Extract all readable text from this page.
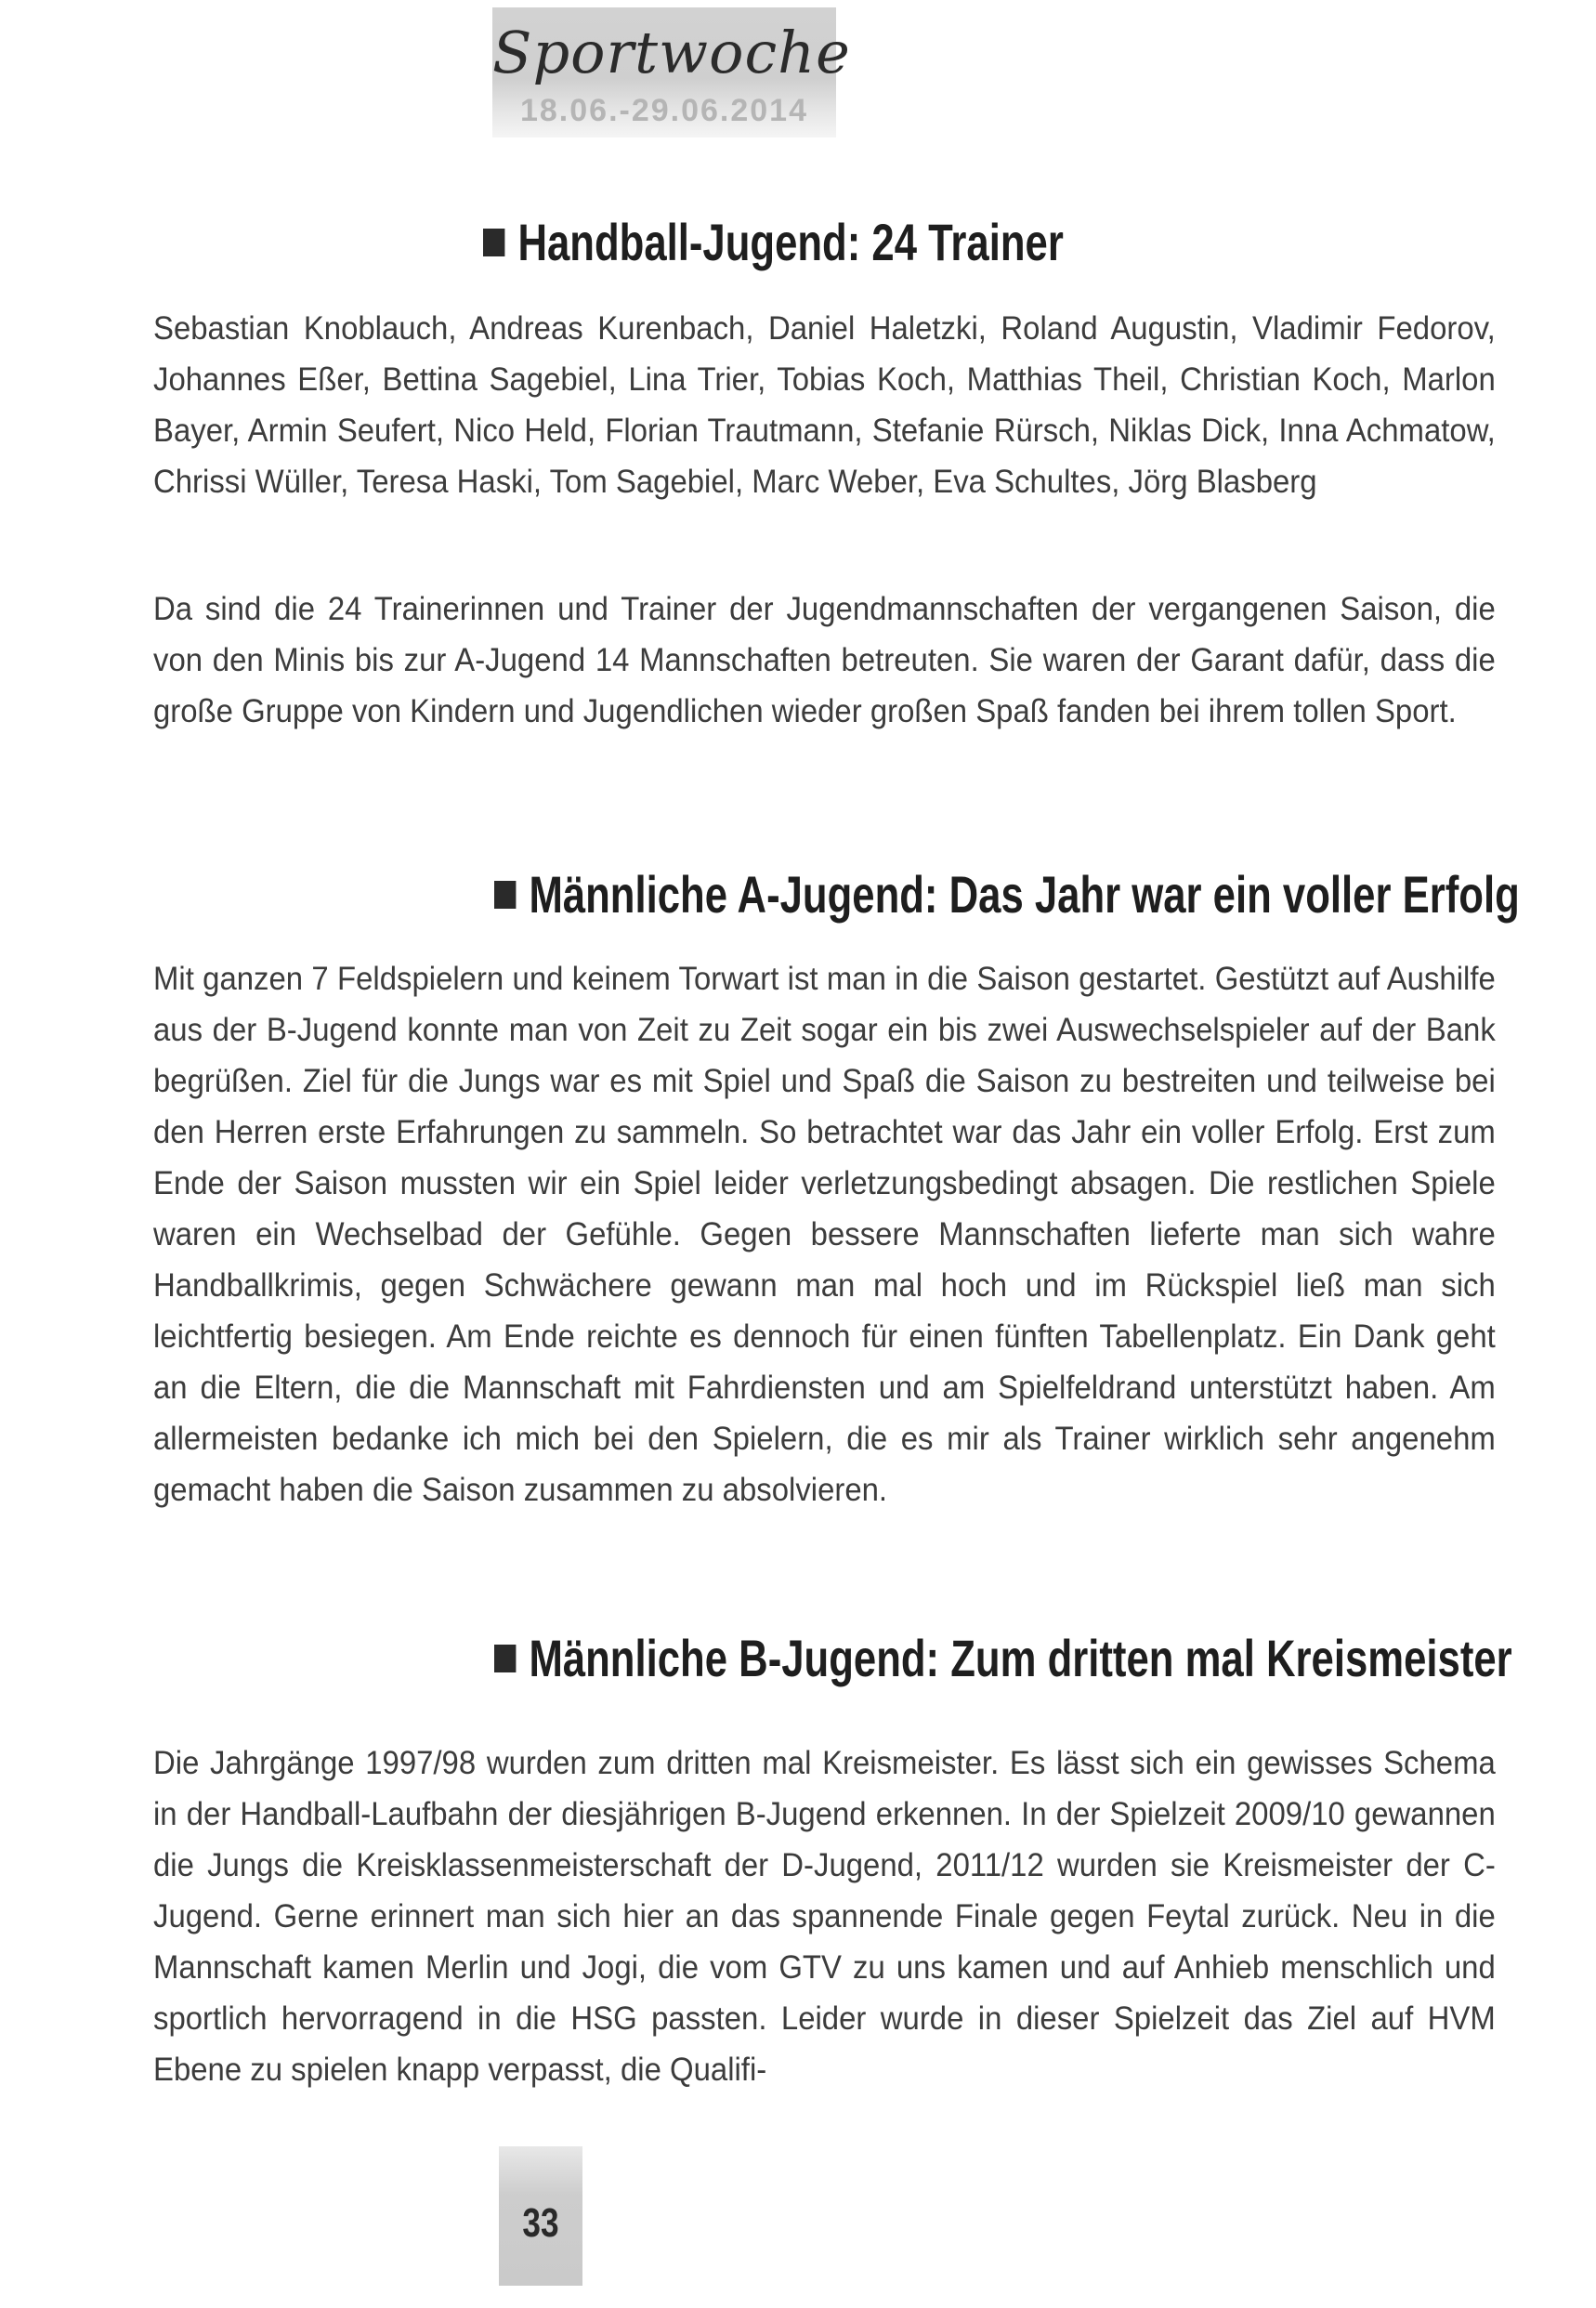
Sportwoche
18.06.-29.06.2014
Handball-Jugend: 24 Trainer
Sebastian Knoblauch, Andreas Kurenbach, Daniel Haletzki, Roland Augustin, Vladimir Fedorov, Johannes Eßer, Bettina Sagebiel, Lina Trier, Tobias Koch, Matthias Theil, Christian Koch, Marlon Bayer, Armin Seufert, Nico Held, Florian Trautmann, Stefanie Rürsch, Niklas Dick, Inna Achmatow, Chrissi Wüller, Teresa Haski, Tom Sagebiel, Marc Weber, Eva Schultes, Jörg Blasberg
Da sind die 24 Trainerinnen und Trainer der Jugendmannschaften der vergangenen Saison, die von den Minis bis zur A-Jugend 14 Mannschaften betreuten. Sie waren der Garant dafür, dass die große Gruppe von Kindern und Jugendlichen wieder großen Spaß fanden bei ihrem tollen Sport.
Männliche A-Jugend: Das Jahr war ein voller Erfolg
Mit ganzen 7 Feldspielern und keinem Torwart ist man in die Saison gestartet. Gestützt auf Aushilfe aus der B-Jugend konnte man von Zeit zu Zeit sogar ein bis zwei Auswechselspieler auf der Bank begrüßen. Ziel für die Jungs war es mit Spiel und Spaß die Saison zu bestreiten und teilweise bei den Herren erste Erfahrungen zu sammeln. So betrachtet war das Jahr ein voller Erfolg. Erst zum Ende der Saison mussten wir ein Spiel leider verletzungsbedingt absagen. Die restlichen Spiele waren ein Wechselbad der Gefühle. Gegen bessere Mannschaften lieferte man sich wahre Handballkrimis, gegen Schwächere gewann man mal hoch und im Rückspiel ließ man sich leichtfertig besiegen. Am Ende reichte es dennoch für einen fünften Tabellenplatz. Ein Dank geht an die Eltern, die die Mannschaft mit Fahrdiensten und am Spielfeldrand unterstützt haben. Am allermeisten bedanke ich mich bei den Spielern, die es mir als Trainer wirklich sehr angenehm gemacht haben die Saison zusammen zu absolvieren.
Männliche B-Jugend: Zum dritten mal Kreismeister
Die Jahrgänge 1997/98 wurden zum dritten mal Kreismeister. Es lässt sich ein gewisses Schema in der Handball-Laufbahn der diesjährigen B-Jugend erkennen. In der Spielzeit 2009/10 gewannen die Jungs die Kreisklassenmeisterschaft der D-Jugend, 2011/12 wurden sie Kreismeister der C-Jugend. Gerne erinnert man sich hier an das spannende Finale gegen Feytal zurück. Neu in die Mannschaft kamen Merlin und Jogi, die vom GTV zu uns kamen und auf Anhieb menschlich und sportlich hervorragend in die HSG passten. Leider wurde in dieser Spielzeit das Ziel auf HVM Ebene zu spielen knapp verpasst, die Qualifi-
33
